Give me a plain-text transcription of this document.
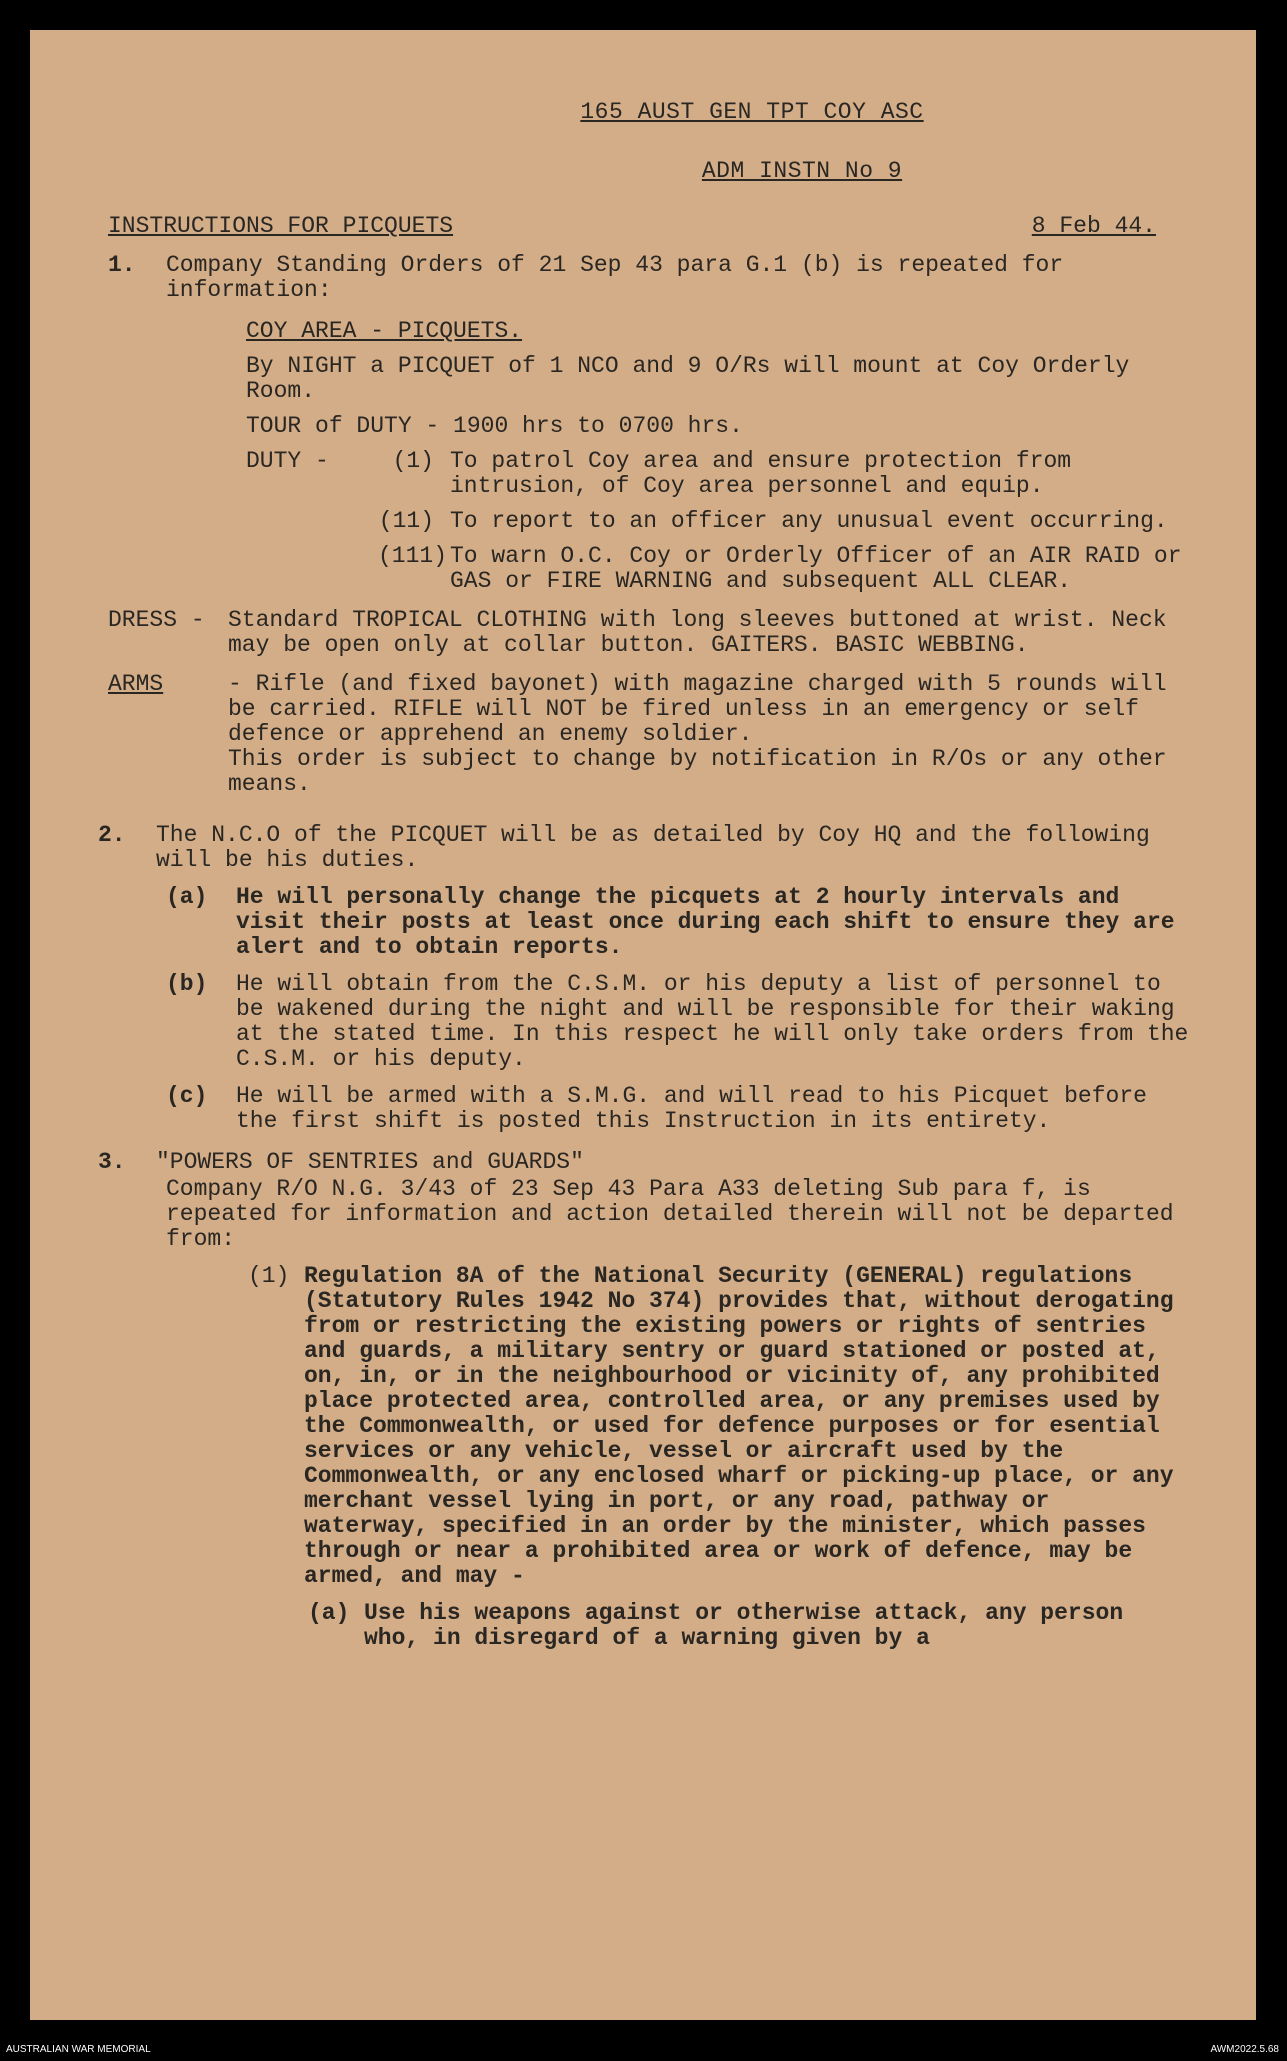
165 AUST GEN TPT COY ASC
ADM INSTN No 9
INSTRUCTIONS FOR PICQUETS	8 Feb 44.
1.	Company Standing Orders of 21 Sep 43 para G.1 (b) is repeated for information:
COY AREA - PICQUETS.
By NIGHT a PICQUET of 1 NCO and 9 O/Rs will mount at Coy Orderly Room.
TOUR of DUTY - 1900 hrs to 0700 hrs.
DUTY -	(1) To patrol Coy area and ensure protection from intrusion, of Coy area personnel and equip.
(11) To report to an officer any unusual event occurring.
(111) To warn O.C. Coy or Orderly Officer of an AIR RAID or GAS or FIRE WARNING and subsequent ALL CLEAR.
DRESS -	Standard TROPICAL CLOTHING with long sleeves buttoned at wrist. Neck may be open only at collar button. GAITERS. BASIC WEBBING.
ARMS	- Rifle (and fixed bayonet) with magazine charged with 5 rounds will be carried. RIFLE will NOT be fired unless in an emergency or self defence or apprehend an enemy soldier.
This order is subject to change by notification in R/Os or any other means.
2.	The N.C.O of the PICQUET will be as detailed by Coy HQ and the following will be his duties.
(a)	He will personally change the picquets at 2 hourly intervals and visit their posts at least once during each shift to ensure they are alert and to obtain reports.
(b)	He will obtain from the C.S.M. or his deputy a list of personnel to be wakened during the night and will be responsible for their waking at the stated time. In this respect he will only take orders from the C.S.M. or his deputy.
(c)	He will be armed with a S.M.G. and will read to his Picquet before the first shift is posted this Instruction in its entirety.
3.	"POWERS OF SENTRIES and GUARDS"
Company R/O N.G. 3/43 of 23 Sep 43 Para A33 deleting Sub para f, is repeated for information and action detailed therein will not be departed from:
(1) Regulation 8A of the National Security (GENERAL) regulations (Statutory Rules 1942 No 374) provides that, without derogating from or restricting the existing powers or rights of sentries and guards, a military sentry or guard stationed or posted at, on, in, or in the neighbourhood or vicinity of, any prohibited place protected area, controlled area, or any premises used by the Commonwealth, or used for defence purposes or for esential services or any vehicle, vessel or aircraft used by the Commonwealth, or any enclosed wharf or picking-up place, or any merchant vessel lying in port, or any road, pathway or waterway, specified in an order by the minister, which passes through or near a prohibited area or work of defence, may be armed, and may -
(a) Use his weapons against or otherwise attack, any person who, in disregard of a warning given by a
AUSTRALIAN WAR MEMORIAL	AWM2022.5.68
